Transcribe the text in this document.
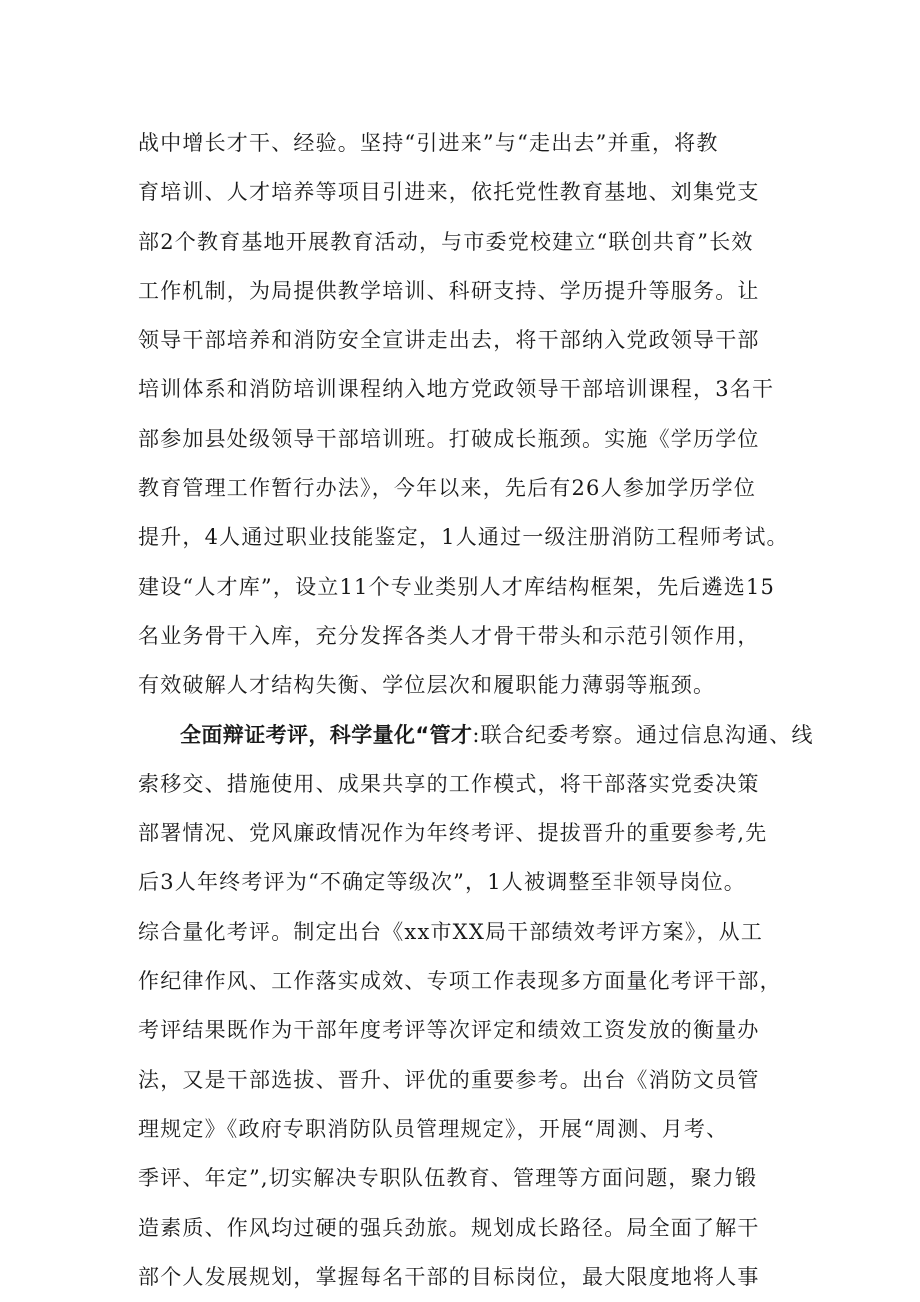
战中增长才干、经验。坚持“引进来”与“走出去”并重，将教
育培训、人才培养等项目引进来，依托党性教育基地、刘集党支
部2个教育基地开展教育活动，与市委党校建立“联创共育”长效
工作机制，为局提供教学培训、科研支持、学历提升等服务。让
领导干部培养和消防安全宣讲走出去，将干部纳入党政领导干部
培训体系和消防培训课程纳入地方党政领导干部培训课程，3名干
部参加县处级领导干部培训班。打破成长瓶颈。实施《学历学位
教育管理工作暂行办法》，今年以来，先后有26人参加学历学位
提升，4人通过职业技能鉴定，1人通过一级注册消防工程师考试。
建设“人才库”，设立11个专业类别人才库结构框架，先后遴选15
名业务骨干入库，充分发挥各类人才骨干带头和示范引领作用，
有效破解人才结构失衡、学位层次和履职能力薄弱等瓶颈。
全面辩证考评，科学量化“管才:联合纪委考察。通过信息沟通、线
索移交、措施使用、成果共享的工作模式，将干部落实党委决策
部署情况、党风廉政情况作为年终考评、提拔晋升的重要参考,先
后3人年终考评为“不确定等级次”，1人被调整至非领导岗位。
综合量化考评。制定出台《xx市XX局干部绩效考评方案》，从工
作纪律作风、工作落实成效、专项工作表现多方面量化考评干部，
考评结果既作为干部年度考评等次评定和绩效工资发放的衡量办
法，又是干部选拔、晋升、评优的重要参考。出台《消防文员管
理规定》《政府专职消防队员管理规定》，开展“周测、月考、
季评、年定”,切实解决专职队伍教育、管理等方面问题，聚力锻
造素质、作风均过硬的强兵劲旅。规划成长路径。局全面了解干
部个人发展规划，掌握每名干部的目标岗位，最大限度地将人事
